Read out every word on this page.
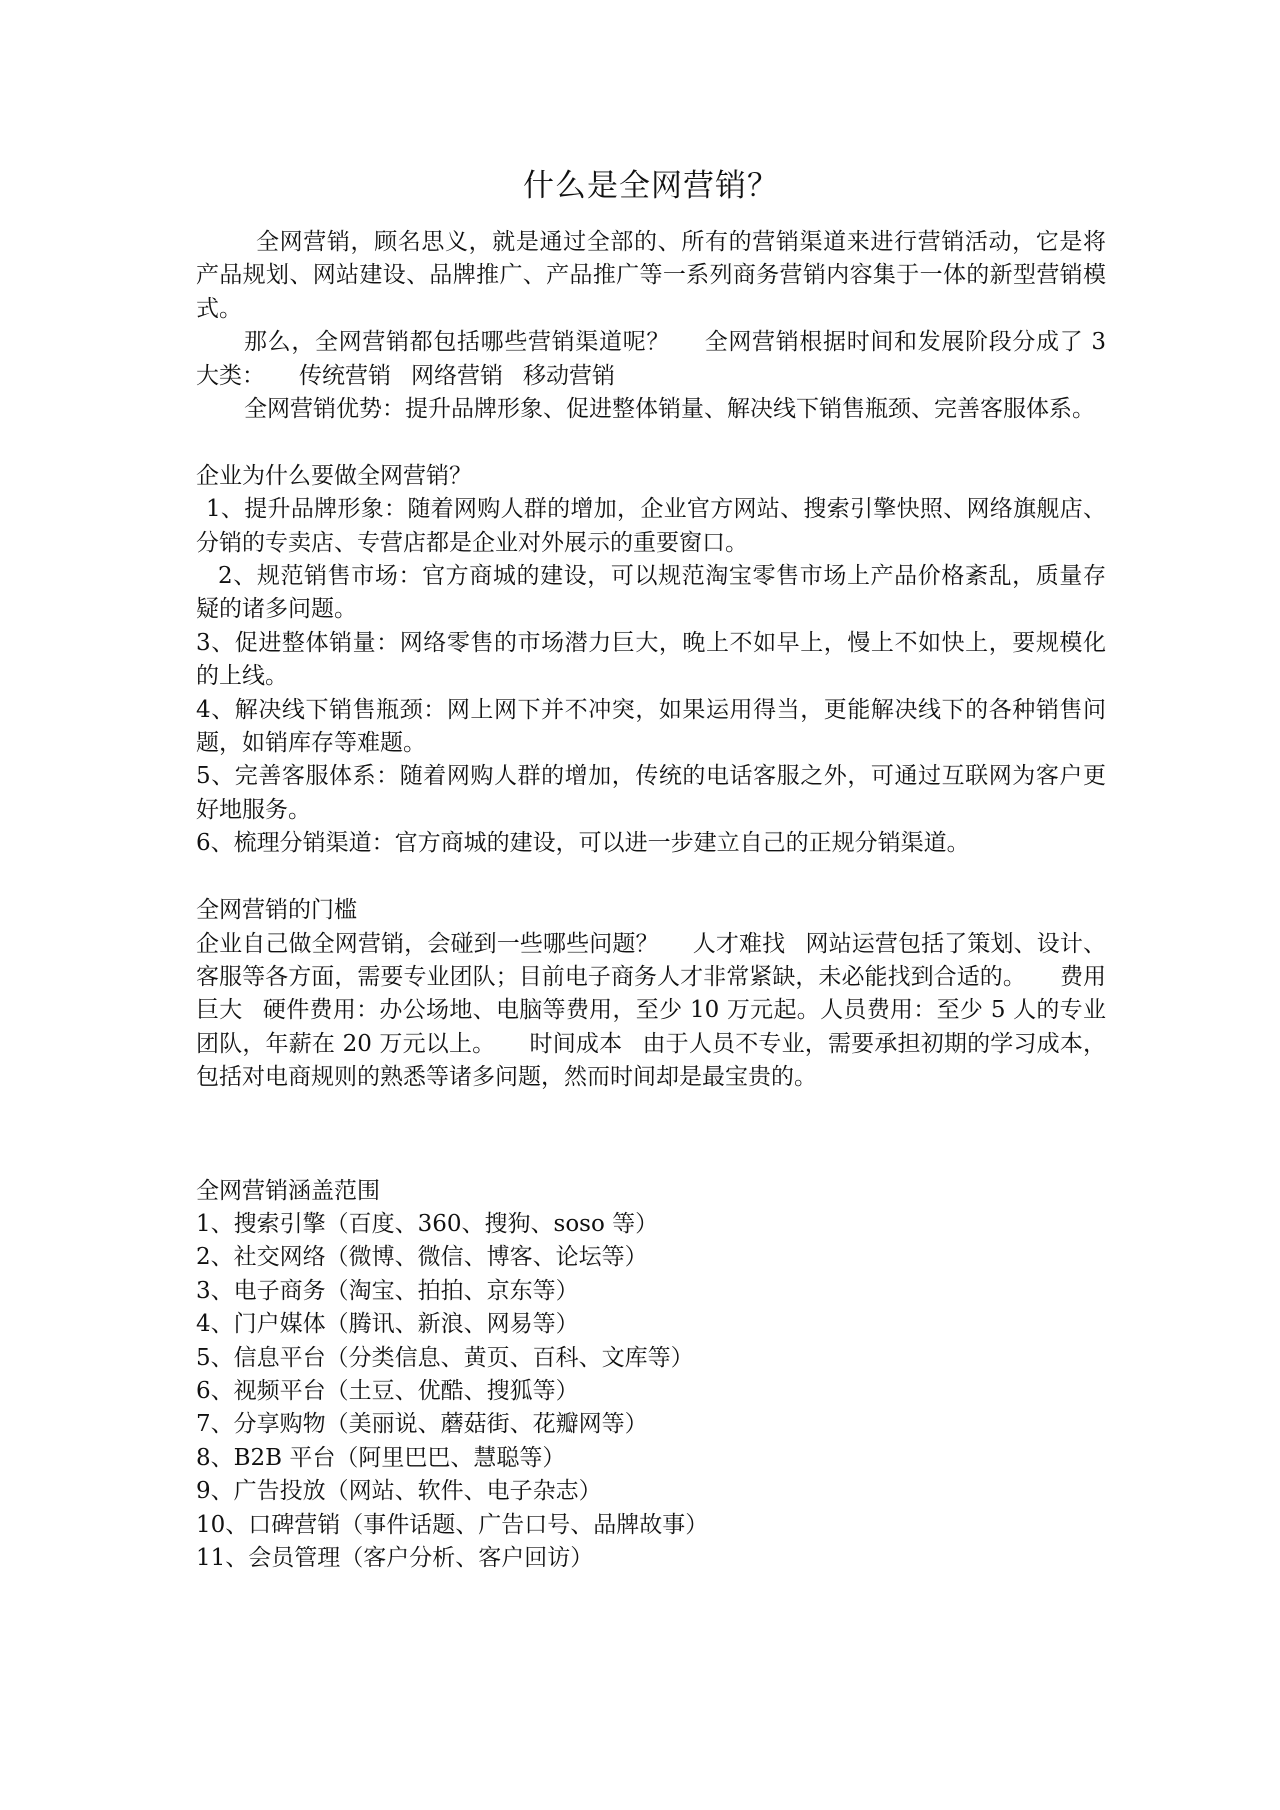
什么是全网营销？

全网营销，顾名思义，就是通过全部的、所有的营销渠道来进行营销活动，它是将产品规划、网站建设、品牌推广、产品推广等一系列商务营销内容集于一体的新型营销模式。

那么，全网营销都包括哪些营销渠道呢？ 全网营销根据时间和发展阶段分成了 3 大类： 传统营销 网络营销 移动营销

全网营销优势：提升品牌形象、促进整体销量、解决线下销售瓶颈、完善客服体系。

企业为什么要做全网营销？

1、提升品牌形象：随着网购人群的增加，企业官方网站、搜索引擎快照、网络旗舰店、分销的专卖店、专营店都是企业对外展示的重要窗口。

2、规范销售市场：官方商城的建设，可以规范淘宝零售市场上产品价格紊乱，质量存疑的诸多问题。

3、促进整体销量：网络零售的市场潜力巨大，晚上不如早上，慢上不如快上，要规模化的上线。

4、解决线下销售瓶颈：网上网下并不冲突，如果运用得当，更能解决线下的各种销售问题，如销库存等难题。

5、完善客服体系：随着网购人群的增加，传统的电话客服之外，可通过互联网为客户更好地服务。

6、梳理分销渠道：官方商城的建设，可以进一步建立自己的正规分销渠道。

全网营销的门槛

企业自己做全网营销，会碰到一些哪些问题？ 人才难找 网站运营包括了策划、设计、客服等各方面，需要专业团队；目前电子商务人才非常紧缺，未必能找到合适的。 费用巨大 硬件费用：办公场地、电脑等费用，至少 10 万元起。人员费用：至少 5 人的专业团队，年薪在 20 万元以上。 时间成本 由于人员不专业，需要承担初期的学习成本，包括对电商规则的熟悉等诸多问题，然而时间却是最宝贵的。

全网营销涵盖范围

1、搜索引擎（百度、360、搜狗、soso 等）

2、社交网络（微博、微信、博客、论坛等）

3、电子商务（淘宝、拍拍、京东等）

4、门户媒体（腾讯、新浪、网易等）

5、信息平台（分类信息、黄页、百科、文库等）

6、视频平台（土豆、优酷、搜狐等）

7、分享购物（美丽说、蘑菇街、花瓣网等）

8、B2B 平台（阿里巴巴、慧聪等）

9、广告投放（网站、软件、电子杂志）

10、口碑营销（事件话题、广告口号、品牌故事）

11、会员管理（客户分析、客户回访）
